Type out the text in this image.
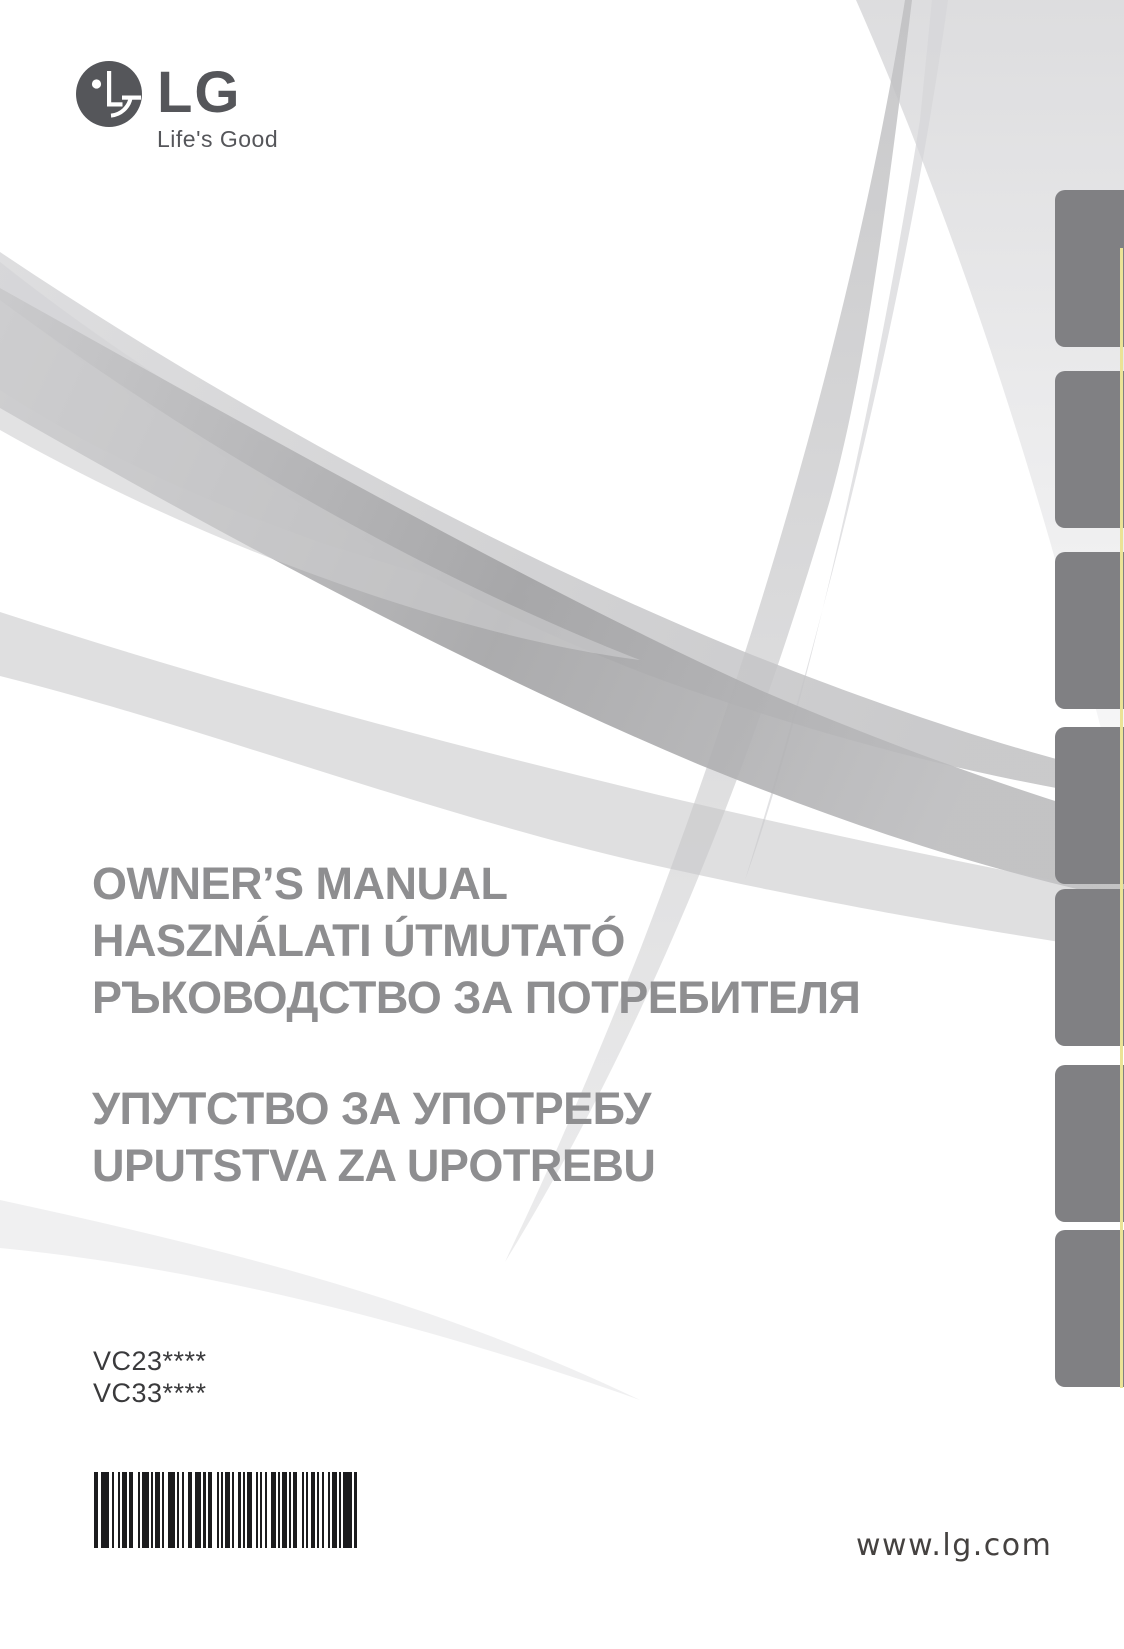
LG
Life's Good
OWNER’S MANUAL
HASZNÁLATI ÚTMUTATÓ
РЪКОВОДСТВО ЗА ПОТРЕБИТЕЛЯ
УПУТСТВО ЗА УПОТРЕБУ
UPUTSTVA ZA UPOTREBU
VC23****
VC33****
www.lg.com
